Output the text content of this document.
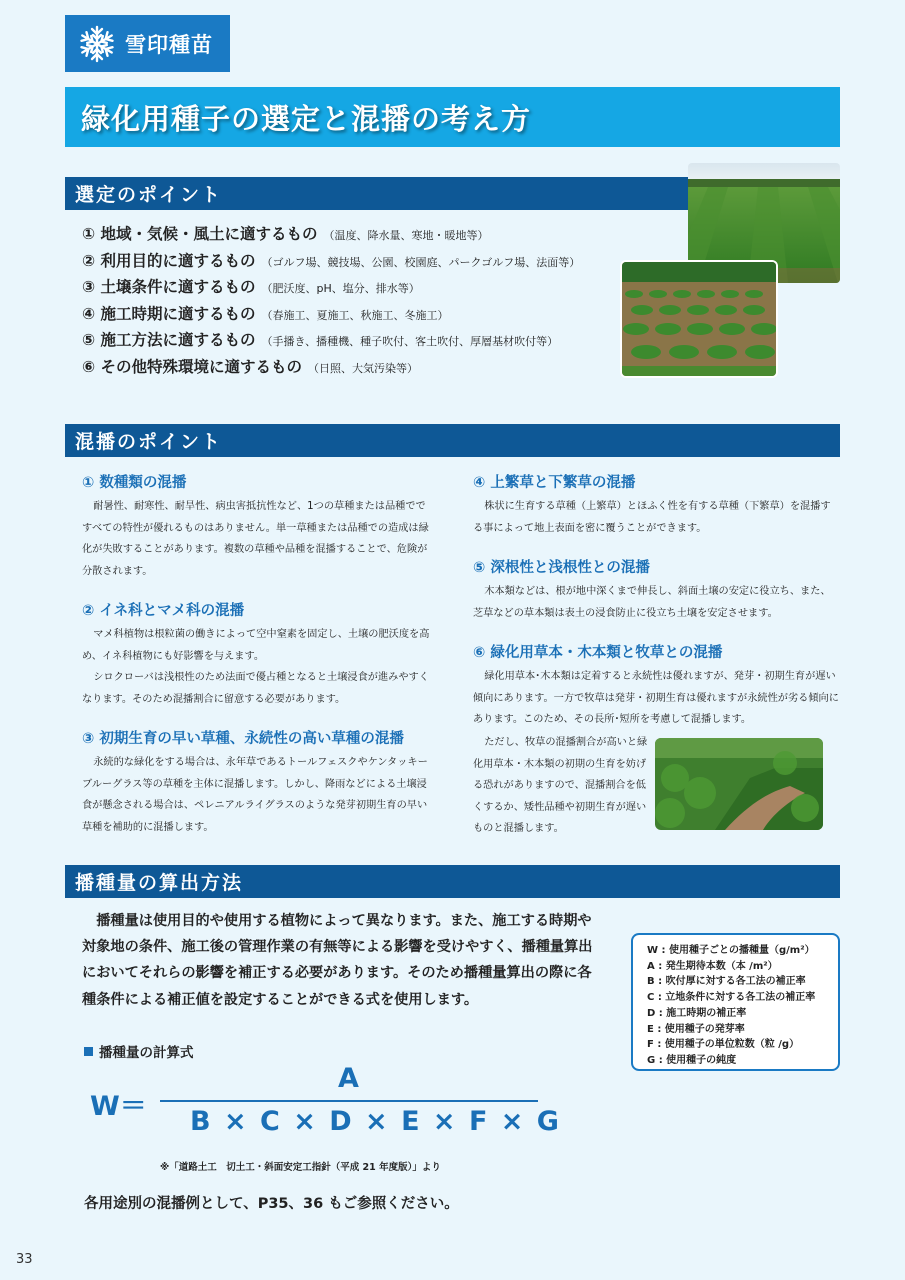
雪印種苗
緑化用種子の選定と混播の考え方
選定のポイント
① 地域・気候・風土に適するもの （温度、降水量、寒地・暖地等）
② 利用目的に適するもの （ゴルフ場、競技場、公園、校園庭、パークゴルフ場、法面等）
③ 土壌条件に適するもの （肥沃度、pH、塩分、排水等）
④ 施工時期に適するもの （春施工、夏施工、秋施工、冬施工）
⑤ 施工方法に適するもの （手播き、播種機、種子吹付、客土吹付、厚層基材吹付等）
⑥ その他特殊環境に適するもの （日照、大気汚染等）
混播のポイント
① 数種類の混播

耐暑性、耐寒性、耐旱性、病虫害抵抗性など、1つの草種または品種でですべての特性が優れるものはありません。単一草種または品種での造成は緑化が失敗することがあります。複数の草種や品種を混播することで、危険が分散されます。

② イネ科とマメ科の混播

マメ科植物は根粒菌の働きによって空中窒素を固定し、土壌の肥沃度を高め、イネ科植物にも好影響を与えます。

シロクローバは浅根性のため法面で優占種となると土壌浸食が進みやすくなります。そのため混播割合に留意する必要があります。

③ 初期生育の早い草種、永続性の高い草種の混播

永続的な緑化をする場合は、永年草であるトールフェスクやケンタッキーブルーグラス等の草種を主体に混播します。しかし、降雨などによる土壌浸食が懸念される場合は、ペレニアルライグラスのような発芽初期生育の早い草種を補助的に混播します。

④ 上繁草と下繁草の混播

株状に生育する草種（上繁草）とほふく性を有する草種（下繁草）を混播する事によって地上表面を密に覆うことができます。

⑤ 深根性と浅根性との混播

木本類などは、根が地中深くまで伸長し、斜面土壌の安定に役立ち、また、芝草などの草本類は表土の浸食防止に役立ち土壌を安定させます。

⑥ 緑化用草本・木本類と牧草との混播

緑化用草本･木本類は定着すると永続性は優れますが、発芽・初期生育が遅い傾向にあります。一方で牧草は発芽・初期生育は優れますが永続性が劣る傾向にあります。このため、その長所･短所を考慮して混播します。

ただし、牧草の混播割合が高いと緑化用草本・木本類の初期の生育を妨げる恐れがありますので、混播割合を低くするか、矮性品種や初期生育が遅いものと混播します。

播種量の算出方法

播種量は使用目的や使用する植物によって異なります。また、施工する時期や対象地の条件、施工後の管理作業の有無等による影響を受けやすく、播種量算出においてそれらの影響を補正する必要があります。そのため播種量算出の際に各種条件による補正値を設定することができる式を使用します。

W : 使用種子ごとの播種量（g/m²）
A : 発生期待本数（本 /m²）
B : 吹付厚に対する各工法の補正率
C : 立地条件に対する各工法の補正率
D : 施工時期の補正率
E : 使用種子の発芽率
F : 使用種子の単位粒数（粒 /g）
G : 使用種子の純度
播種量の計算式
W＝
A
B × C × D × E × F × G
※「道路土工　切土工・斜面安定工指針（平成 21 年度版）」より
各用途別の混播例として、P35、36 もご参照ください。
33
